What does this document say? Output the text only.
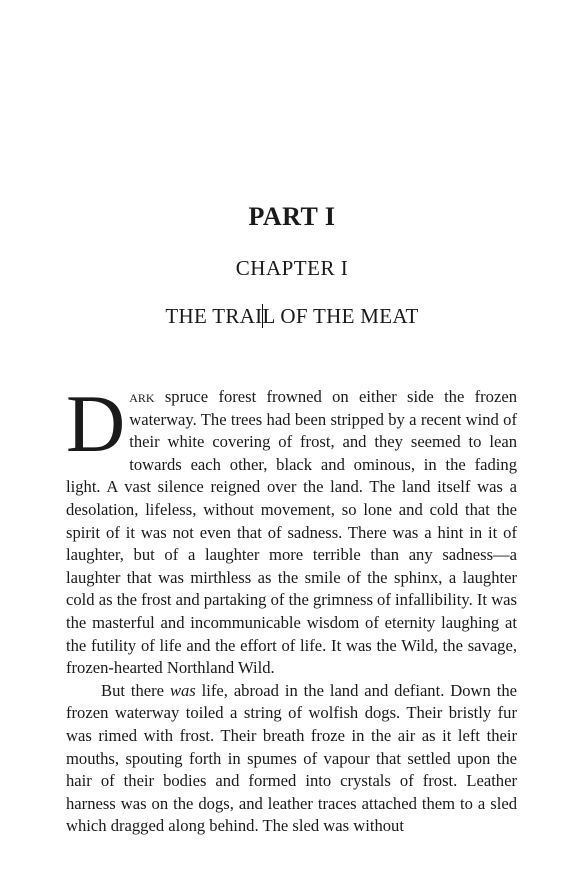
PART I
CHAPTER I
THE TRAIL OF THE MEAT

Dark spruce forest frowned on either side the frozen waterway. The trees had been stripped by a recent wind of their white covering of frost, and they seemed to lean towards each other, black and ominous, in the fading light. A vast silence reigned over the land. The land itself was a desolation, lifeless, without movement, so lone and cold that the spirit of it was not even that of sadness. There was a hint in it of laughter, but of a laughter more terrible than any sadness—a laughter that was mirthless as the smile of the sphinx, a laughter cold as the frost and partaking of the grimness of infallibility. It was the masterful and incommunicable wisdom of eternity laughing at the futility of life and the effort of life. It was the Wild, the savage, frozen-hearted Northland Wild.

But there was life, abroad in the land and defiant. Down the frozen waterway toiled a string of wolfish dogs. Their bristly fur was rimed with frost. Their breath froze in the air as it left their mouths, spouting forth in spumes of vapour that settled upon the hair of their bodies and formed into crystals of frost. Leather harness was on the dogs, and leather traces attached them to a sled which dragged along behind. The sled was without
